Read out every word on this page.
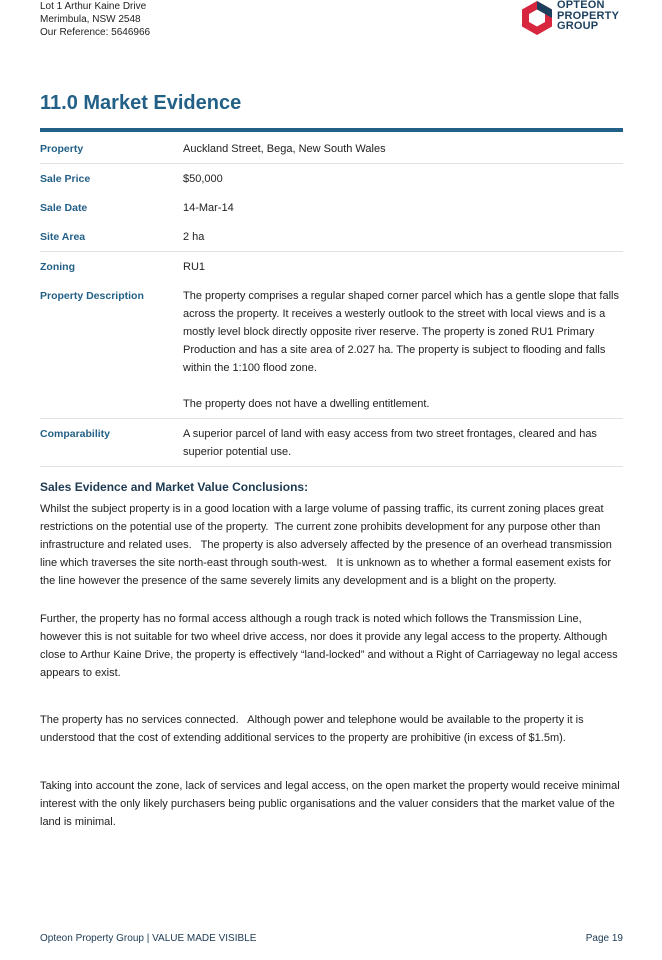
Lot 1 Arthur Kaine Drive
Merimbula, NSW 2548
Our Reference: 5646966
OPTEON
PROPERTY
GROUP
11.0 Market Evidence
Property	Auckland Street, Bega, New South Wales
Sale Price	$50,000
Sale Date	14-Mar-14
Site Area	2 ha

Zoning	RU1
Property Description	The property comprises a regular shaped corner parcel which has a gentle slope that falls across the property. It receives a westerly outlook to the street with local views and is a mostly level block directly opposite river reserve. The property is zoned RU1 Primary Production and has a site area of 2.027 ha. The property is subject to flooding and falls within the 1:100 flood zone.
The property does not have a dwelling entitlement.

Comparability	A superior parcel of land with easy access from two street frontages, cleared and has superior potential use.
Sales Evidence and Market Value Conclusions:

Whilst the subject property is in a good location with a large volume of passing traffic, its current zoning places great restrictions on the potential use of the property.  The current zone prohibits development for any purpose other than infrastructure and related uses.   The property is also adversely affected by the presence of an overhead transmission line which traverses the site north-east through south-west.   It is unknown as to whether a formal easement exists for the line however the presence of the same severely limits any development and is a blight on the property.

Further, the property has no formal access although a rough track is noted which follows the Transmission Line, however this is not suitable for two wheel drive access, nor does it provide any legal access to the property. Although close to Arthur Kaine Drive, the property is effectively “land-locked” and without a Right of Carriageway no legal access appears to exist.

The property has no services connected.   Although power and telephone would be available to the property it is understood that the cost of extending additional services to the property are prohibitive (in excess of $1.5m).

Taking into account the zone, lack of services and legal access, on the open market the property would receive minimal interest with the only likely purchasers being public organisations and the valuer considers that the market value of the land is minimal.

Opteon Property Group | VALUE MADE VISIBLE	Page 19
